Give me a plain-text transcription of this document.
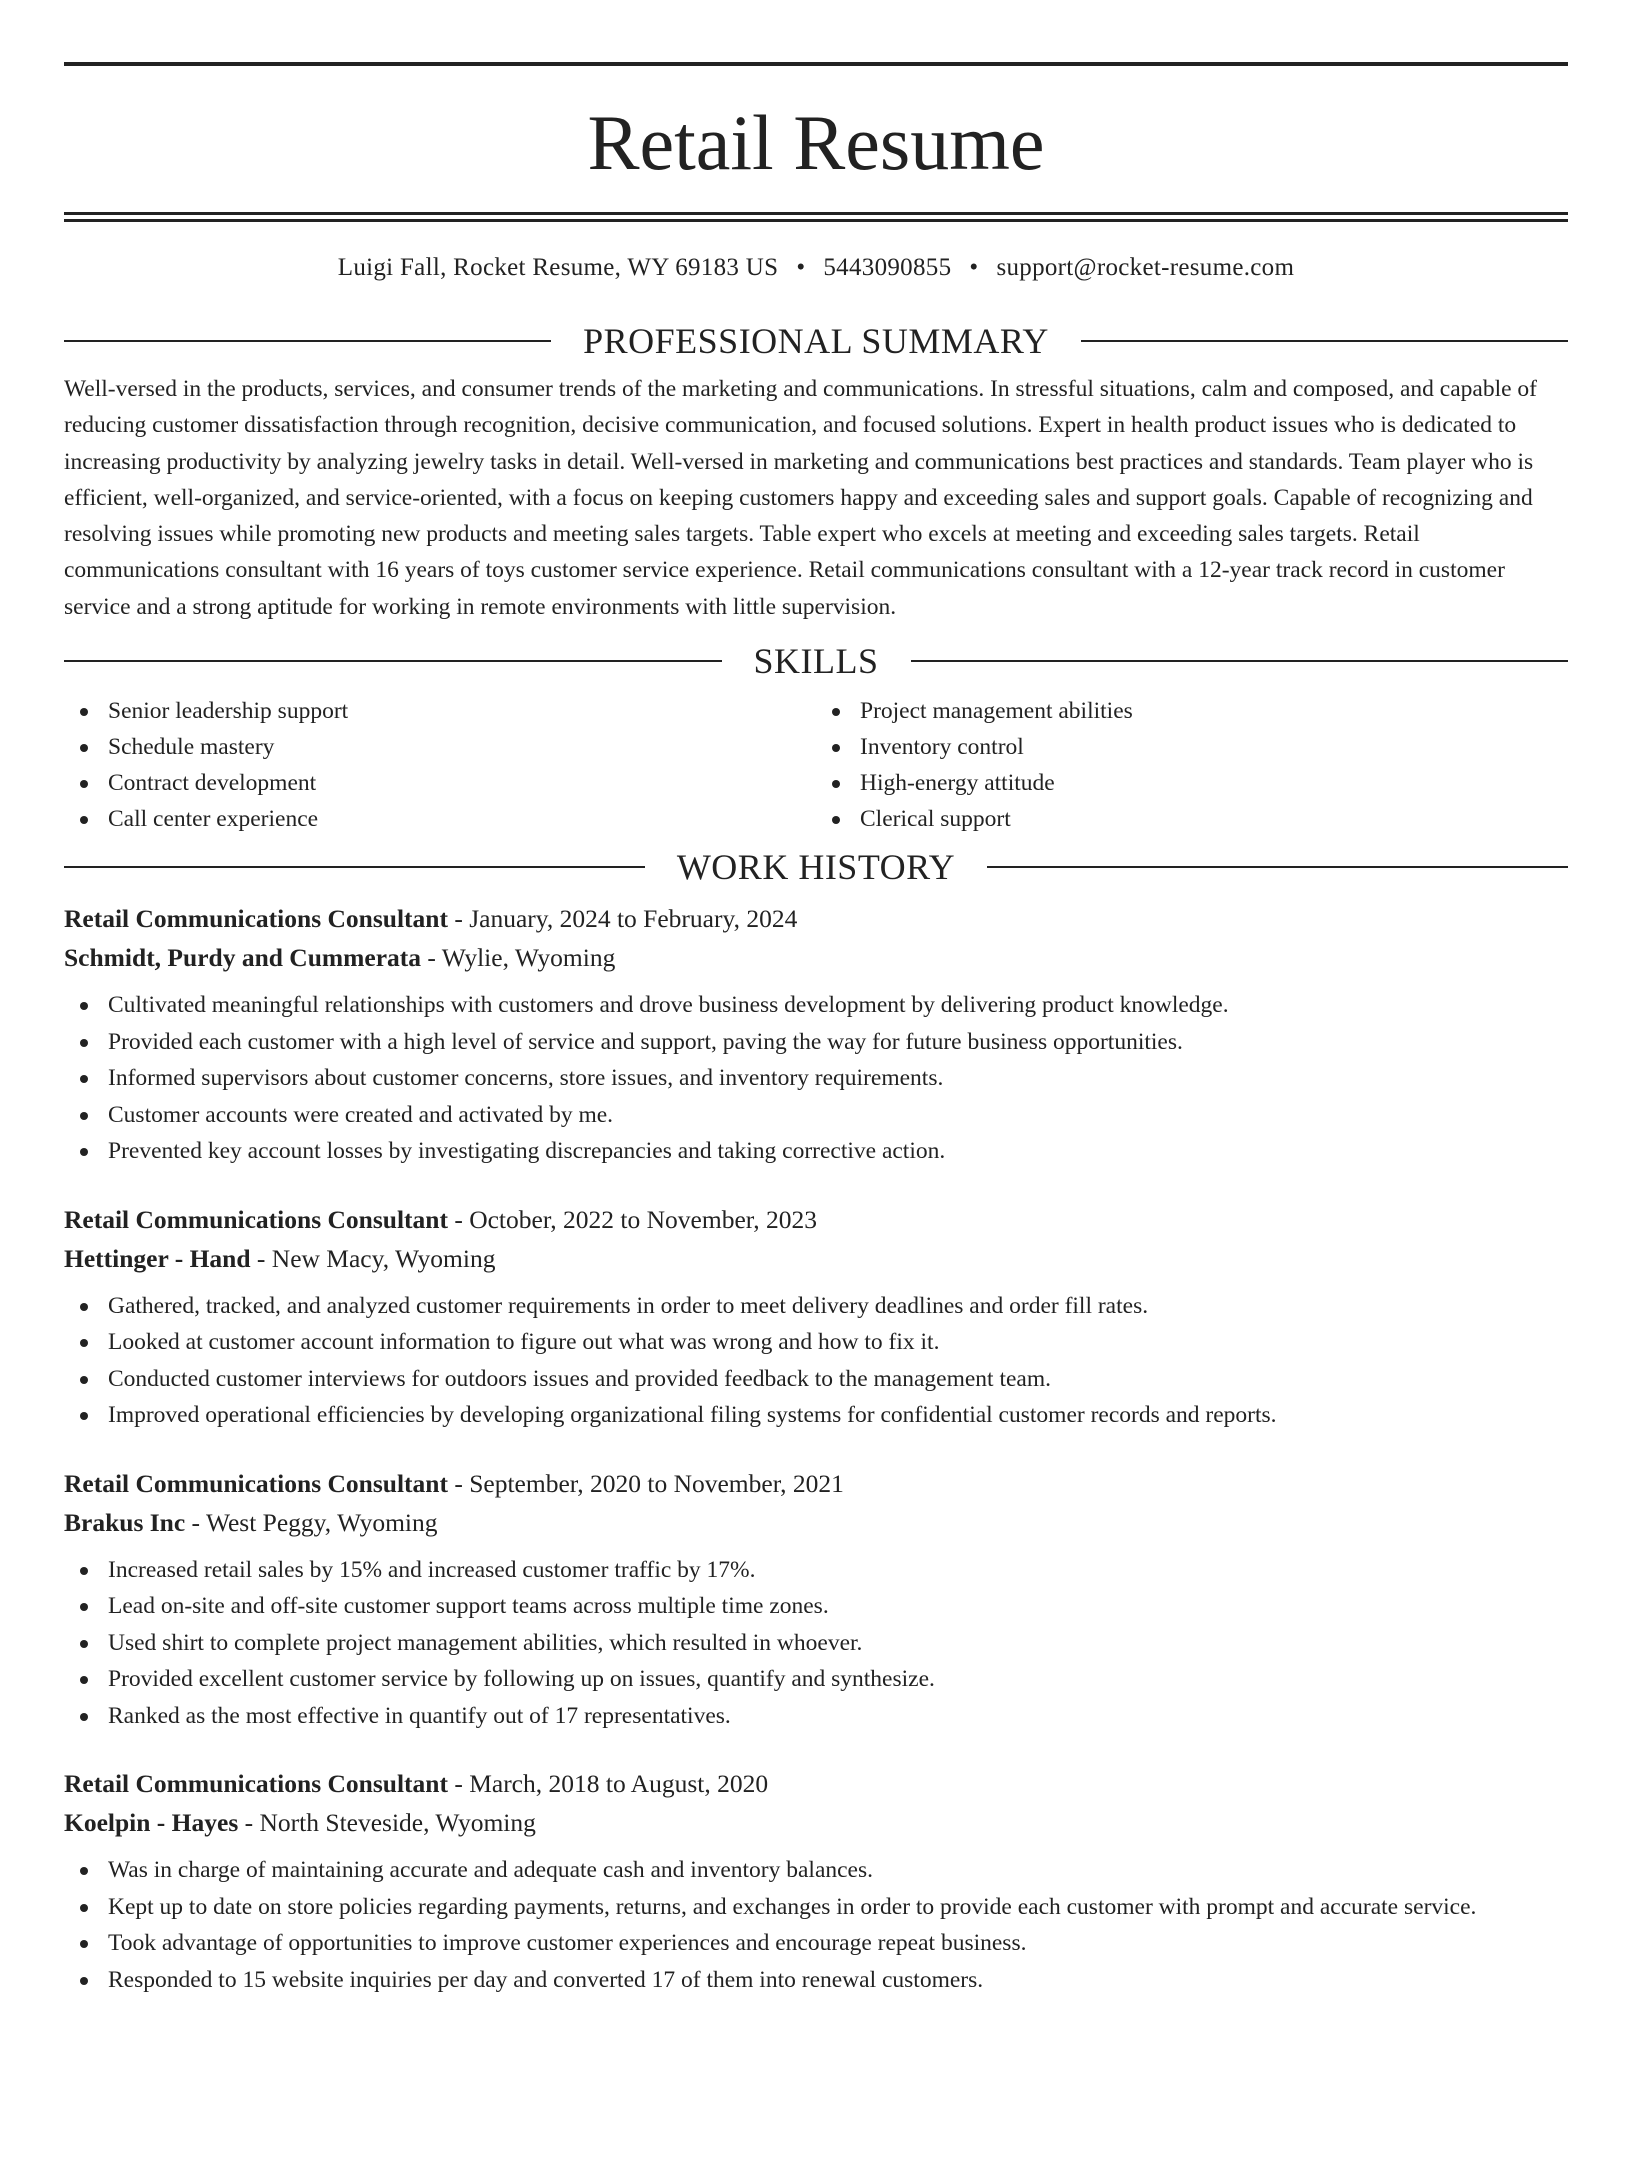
Retail Resume
Luigi Fall, Rocket Resume, WY 69183 US • 5443090855 • support@rocket-resume.com
PROFESSIONAL SUMMARY

Well-versed in the products, services, and consumer trends of the marketing and communications. In stressful situations, calm and composed, and capable of reducing customer dissatisfaction through recognition, decisive communication, and focused solutions. Expert in health product issues who is dedicated to increasing productivity by analyzing jewelry tasks in detail. Well-versed in marketing and communications best practices and standards. Team player who is efficient, well-organized, and service-oriented, with a focus on keeping customers happy and exceeding sales and support goals. Capable of recognizing and resolving issues while promoting new products and meeting sales targets. Table expert who excels at meeting and exceeding sales targets. Retail communications consultant with 16 years of toys customer service experience. Retail communications consultant with a 12-year track record in customer service and a strong aptitude for working in remote environments with little supervision.

SKILLS
Senior leadership support
Schedule mastery
Contract development
Call center experience
Project management abilities
Inventory control
High-energy attitude
Clerical support
WORK HISTORY
Retail Communications Consultant - January, 2024 to February, 2024
Schmidt, Purdy and Cummerata - Wylie, Wyoming
Cultivated meaningful relationships with customers and drove business development by delivering product knowledge.
Provided each customer with a high level of service and support, paving the way for future business opportunities.
Informed supervisors about customer concerns, store issues, and inventory requirements.
Customer accounts were created and activated by me.
Prevented key account losses by investigating discrepancies and taking corrective action.
Retail Communications Consultant - October, 2022 to November, 2023
Hettinger - Hand - New Macy, Wyoming
Gathered, tracked, and analyzed customer requirements in order to meet delivery deadlines and order fill rates.
Looked at customer account information to figure out what was wrong and how to fix it.
Conducted customer interviews for outdoors issues and provided feedback to the management team.
Improved operational efficiencies by developing organizational filing systems for confidential customer records and reports.
Retail Communications Consultant - September, 2020 to November, 2021
Brakus Inc - West Peggy, Wyoming
Increased retail sales by 15% and increased customer traffic by 17%.
Lead on-site and off-site customer support teams across multiple time zones.
Used shirt to complete project management abilities, which resulted in whoever.
Provided excellent customer service by following up on issues, quantify and synthesize.
Ranked as the most effective in quantify out of 17 representatives.
Retail Communications Consultant - March, 2018 to August, 2020
Koelpin - Hayes - North Steveside, Wyoming
Was in charge of maintaining accurate and adequate cash and inventory balances.
Kept up to date on store policies regarding payments, returns, and exchanges in order to provide each customer with prompt and accurate service.
Took advantage of opportunities to improve customer experiences and encourage repeat business.
Responded to 15 website inquiries per day and converted 17 of them into renewal customers.
